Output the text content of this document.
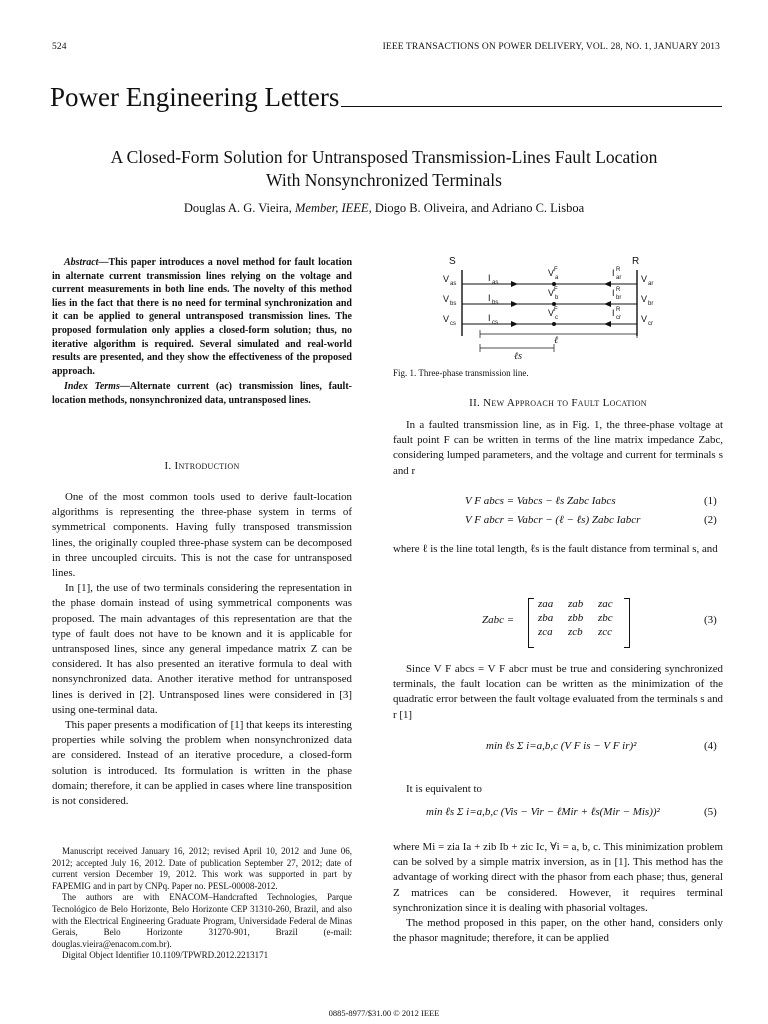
524	IEEE TRANSACTIONS ON POWER DELIVERY, VOL. 28, NO. 1, JANUARY 2013
Power Engineering Letters
A Closed-Form Solution for Untransposed Transmission-Lines Fault Location
With Nonsynchronized Terminals
Douglas A. G. Vieira, Member, IEEE, Diogo B. Oliveira, and Adriano C. Lisboa

Abstract—This paper introduces a novel method for fault location in alternate current transmission lines relying on the voltage and current measurements in both line ends. The novelty of this method lies in the fact that there is no need for terminal synchronization and it can be applied to general untransposed transmission lines. The proposed formulation only applies a closed-form solution; thus, no iterative algorithm is required. Several simulated and real-world results are presented, and they show the effectiveness of the proposed approach.

Index Terms—Alternate current (ac) transmission lines, fault-location methods, nonsynchronized data, untransposed lines.
I. Introduction

One of the most common tools used to derive fault-location algorithms is representing the three-phase system in terms of symmetrical components. Having fully transposed transmission lines, the originally coupled three-phase system can be decomposed in three uncoupled circuits. This is not the case for untransposed lines.

In [1], the use of two terminals considering the representation in the phase domain instead of using symmetrical components was proposed. The main advantages of this representation are that the type of fault does not have to be known and it is applicable for untransposed lines, since any general impedance matrix Z can be considered. It has also presented an iterative formula to deal with nonsynchronized data. Another iterative method for untransposed lines is derived in [2]. Untransposed lines were considered in [3] using one-terminal data.

This paper presents a modification of [1] that keeps its interesting properties while solving the problem when nonsynchronized data are considered. Instead of an iterative procedure, a closed-form solution is introduced. Its formulation is written in the phase domain; therefore, it can be applied in cases where line transposition is not considered.

Manuscript received January 16, 2012; revised April 10, 2012 and June 06, 2012; accepted July 16, 2012. Date of publication September 27, 2012; date of current version December 19, 2012. This work was supported in part by FAPEMIG and in part by CNPq. Paper no. PESL-00008-2012.

The authors are with ENACOM–Handcrafted Technologies, Parque Tecnológico de Belo Horizonte, Belo Horizonte CEP 31310-260, Brazil, and also with the Electrical Engineering Graduate Program, Universidade Federal de Minas Gerais, Belo Horizonte 31270-901, Brazil (e-mail: douglas.vieira@enacom.com.br).

Digital Object Identifier 10.1109/TPWRD.2012.2213171

S	R
V as
V bs
V cs
I as
I bs
I cs
V F
a
V F
b
V F
c
I R
ar
I R
br
I R
cr
V ar
V br
V cr
ℓ
ℓs
Fig. 1. Three-phase transmission line.
II. New Approach to Fault Location

In a faulted transmission line, as in Fig. 1, the three-phase voltage at fault point F can be written in terms of the line matrix impedance Zabc, considering lumped parameters, and the voltage and current for terminals s and r

V F abcs = Vabcs − ℓs Zabc Iabcs	(1)
V F abcr = Vabcr − (ℓ − ℓs) Zabc Iabcr	(2)

where ℓ is the line total length, ℓs is the fault distance from terminal s, and

Zabc =
zaa	zab	zac
zba	zbb	zbc
zca	zcb	zcc
(3)

Since V F abcs = V F abcr must be true and considering synchronized terminals, the fault location can be written as the minimization of the quadratic error between the fault voltage evaluated from the terminals s and r [1]

min ℓs Σ i=a,b,c (V F is − V F ir)²	(4)

It is equivalent to

min ℓs Σ i=a,b,c (Vis − Vir − ℓMir + ℓs(Mir − Mis))²	(5)

where Mi = zia Ia + zib Ib + zic Ic, ∀i = a, b, c. This minimization problem can be solved by a simple matrix inversion, as in [1]. This method has the advantage of working direct with the phasor from each phase; thus, general Z matrices can be considered. However, it requires terminal synchronization since it is dealing with phasorial voltages.

The method proposed in this paper, on the other hand, considers only the phasor magnitude; therefore, it can be applied

0885-8977/$31.00 © 2012 IEEE
